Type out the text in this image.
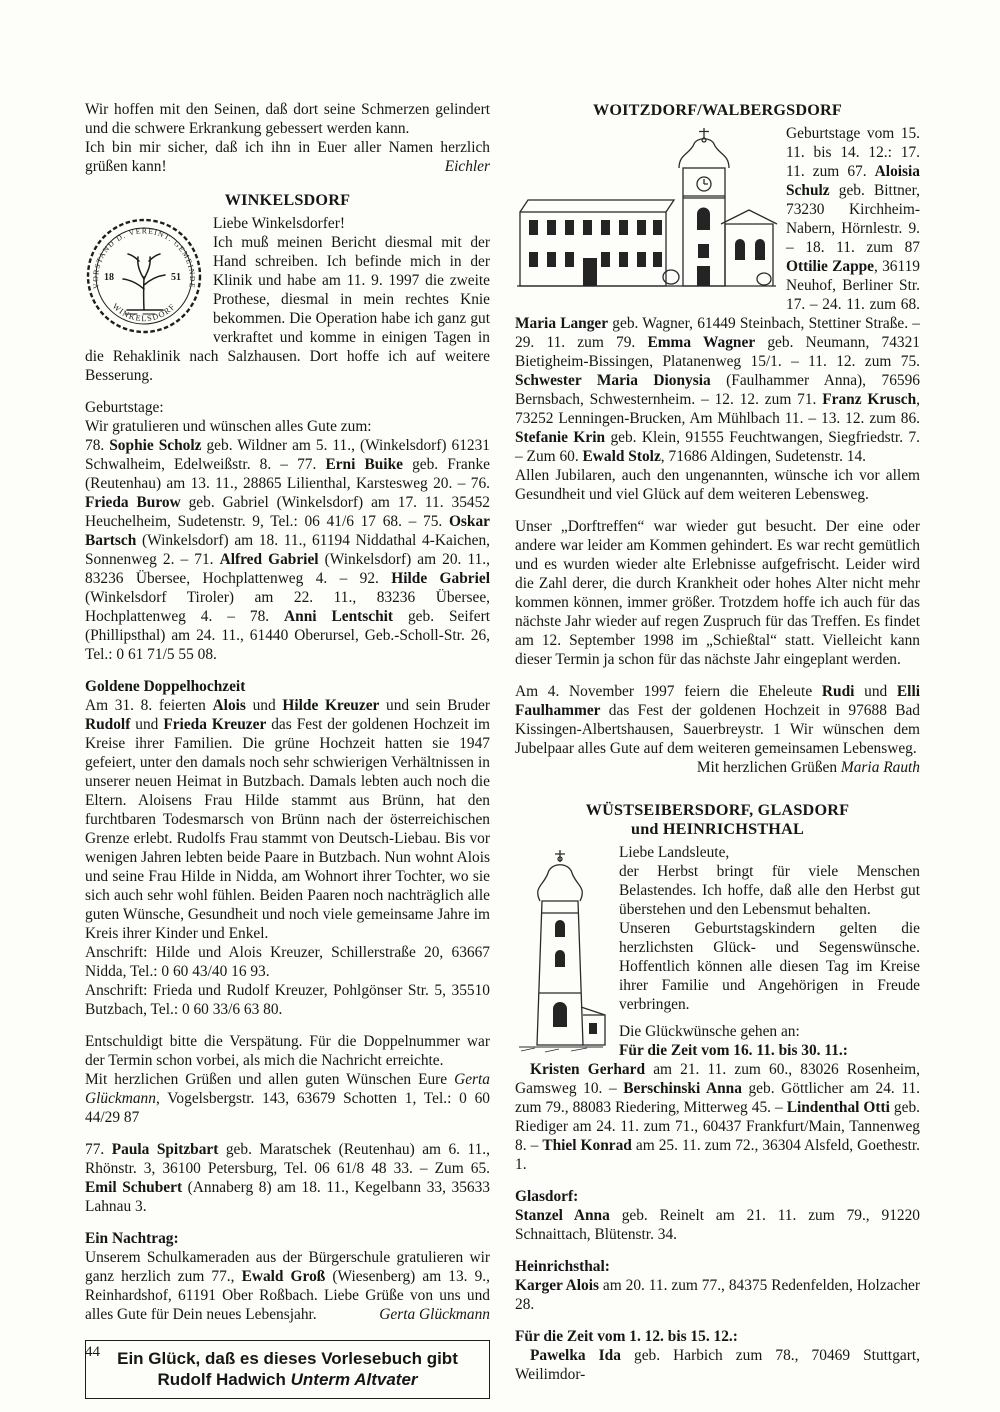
Wir hoffen mit den Seinen, daß dort seine Schmerzen gelindert und die schwere Erkrankung gebessert werden kann.

Ich bin mir sicher, daß ich ihn in Euer aller Namen herzlich grüßen kann!	Eichler

WINKELSDORF
VORSTAND D. VEREINT. GEMEINDE
WINKELSDORF
18	51

Liebe Winkelsdorfer!

Ich muß meinen Bericht diesmal mit der Hand schreiben. Ich befinde mich in der Klinik und habe am 11. 9. 1997 die zweite Prothese, diesmal in mein rechtes Knie bekommen. Die Operation habe ich ganz gut verkraftet und komme in einigen Tagen in die Rehaklinik nach Salzhausen. Dort hoffe ich auf weitere Besserung.

Geburtstage:

Wir gratulieren und wünschen alles Gute zum:

78. Sophie Scholz geb. Wildner am 5. 11., (Winkelsdorf) 61231 Schwalheim, Edelweißstr. 8. – 77. Erni Buike geb. Franke (Reutenhau) am 13. 11., 28865 Lilienthal, Karstesweg 20. – 76. Frieda Burow geb. Gabriel (Winkelsdorf) am 17. 11. 35452 Heuchelheim, Sudetenstr. 9, Tel.: 06 41/6 17 68. – 75. Oskar Bartsch (Winkelsdorf) am 18. 11., 61194 Niddathal 4-Kaichen, Sonnenweg 2. – 71. Alfred Gabriel (Winkelsdorf) am 20. 11., 83236 Übersee, Hochplattenweg 4. – 92. Hilde Gabriel (Winkelsdorf Tiroler) am 22. 11., 83236 Übersee, Hochplattenweg 4. – 78. Anni Lentschit geb. Seifert (Phillipsthal) am 24. 11., 61440 Oberursel, Geb.-Scholl-Str. 26, Tel.: 0 61 71/5 55 08.

Goldene Doppelhochzeit

Am 31. 8. feierten Alois und Hilde Kreuzer und sein Bruder Rudolf und Frieda Kreuzer das Fest der goldenen Hochzeit im Kreise ihrer Familien. Die grüne Hochzeit hatten sie 1947 gefeiert, unter den damals noch sehr schwierigen Verhältnissen in unserer neuen Heimat in Butzbach. Damals lebten auch noch die Eltern. Aloisens Frau Hilde stammt aus Brünn, hat den furchtbaren Todesmarsch von Brünn nach der österreichischen Grenze erlebt. Rudolfs Frau stammt von Deutsch-Liebau. Bis vor wenigen Jahren lebten beide Paare in Butzbach. Nun wohnt Alois und seine Frau Hilde in Nidda, am Wohnort ihrer Tochter, wo sie sich auch sehr wohl fühlen. Beiden Paaren noch nachträglich alle guten Wünsche, Gesundheit und noch viele gemeinsame Jahre im Kreis ihrer Kinder und Enkel.

Anschrift: Hilde und Alois Kreuzer, Schillerstraße 20, 63667 Nidda, Tel.: 0 60 43/40 16 93.

Anschrift: Frieda und Rudolf Kreuzer, Pohlgönser Str. 5, 35510 Butzbach, Tel.: 0 60 33/6 63 80.

Entschuldigt bitte die Verspätung. Für die Doppelnummer war der Termin schon vorbei, als mich die Nachricht erreichte.

Mit herzlichen Grüßen und allen guten Wünschen Eure Gerta Glückmann, Vogelsbergstr. 143, 63679 Schotten 1, Tel.: 0 60 44/29 87

77. Paula Spitzbart geb. Maratschek (Reutenhau) am 6. 11., Rhönstr. 3, 36100 Petersburg, Tel. 06 61/8 48 33. – Zum 65. Emil Schubert (Annaberg 8) am 18. 11., Kegelbann 33, 35633 Lahnau 3.

Ein Nachtrag:

Unserem Schulkameraden aus der Bürgerschule gratulieren wir ganz herzlich zum 77., Ewald Groß (Wiesenberg) am 13. 9., Reinhardshof, 61191 Ober Roßbach. Liebe Grüße von uns und alles Gute für Dein neues Lebensjahr.	Gerta Glückmann

Ein Glück, daß es dieses Vorlesebuch gibt
Rudolf Hadwich Unterm Altvater
WOITZDORF/WALBERGSDORF

Geburtstage vom 15. 11. bis 14. 12.: 17. 11. zum 67. Aloisia Schulz geb. Bittner, 73230 Kirchheim-Nabern, Hörnlestr. 9. – 18. 11. zum 87 Ottilie Zappe, 36119 Neuhof, Berliner Str. 17. – 24. 11. zum 68. Maria Langer geb. Wagner, 61449 Steinbach, Stettiner Straße. – 29. 11. zum 79. Emma Wagner geb. Neumann, 74321 Bietigheim-Bissingen, Platanenweg 15/1. – 11. 12. zum 75. Schwester Maria Dionysia (Faulhammer Anna), 76596 Bernsbach, Schwesternheim. – 12. 12. zum 71. Franz Krusch, 73252 Lenningen-Brucken, Am Mühlbach 11. – 13. 12. zum 86. Stefanie Krin geb. Klein, 91555 Feuchtwangen, Siegfriedstr. 7. – Zum 60. Ewald Stolz, 71686 Aldingen, Sudetenstr. 14.

Allen Jubilaren, auch den ungenannten, wünsche ich vor allem Gesundheit und viel Glück auf dem weiteren Lebensweg.

Unser „Dorftreffen“ war wieder gut besucht. Der eine oder andere war leider am Kommen gehindert. Es war recht gemütlich und es wurden wieder alte Erlebnisse aufgefrischt. Leider wird die Zahl derer, die durch Krankheit oder hohes Alter nicht mehr kommen können, immer größer. Trotzdem hoffe ich auch für das nächste Jahr wieder auf regen Zuspruch für das Treffen. Es findet am 12. September 1998 im „Schießtal“ statt. Vielleicht kann dieser Termin ja schon für das nächste Jahr eingeplant werden.

Am 4. November 1997 feiern die Eheleute Rudi und Elli Faulhammer das Fest der goldenen Hochzeit in 97688 Bad Kissingen-Albertshausen, Sauerbreystr. 1 Wir wünschen dem Jubelpaar alles Gute auf dem weiteren gemeinsamen Lebensweg.

Mit herzlichen Grüßen Maria Rauth

WÜSTSEIBERSDORF, GLASDORF
und HEINRICHSTHAL

Liebe Landsleute,

der Herbst bringt für viele Menschen Belastendes. Ich hoffe, daß alle den Herbst gut überstehen und den Lebensmut behalten.

Unseren Geburtstagskindern gelten die herzlichsten Glück- und Segenswünsche. Hoffentlich können alle diesen Tag im Kreise ihrer Familie und Angehörigen in Freude verbringen.

Die Glückwünsche gehen an:

Für die Zeit vom 16. 11. bis 30. 11.:

Kristen Gerhard am 21. 11. zum 60., 83026 Rosenheim, Gamsweg 10. – Berschinski Anna geb. Göttlicher am 24. 11. zum 79., 88083 Riedering, Mitterweg 45. – Lindenthal Otti geb. Riediger am 24. 11. zum 71., 60437 Frankfurt/Main, Tannenweg 8. – Thiel Konrad am 25. 11. zum 72., 36304 Alsfeld, Goethestr. 1.

Glasdorf:

Stanzel Anna geb. Reinelt am 21. 11. zum 79., 91220 Schnaittach, Blütenstr. 34.

Heinrichsthal:

Karger Alois am 20. 11. zum 77., 84375 Redenfelden, Holzacher 28.

Für die Zeit vom 1. 12. bis 15. 12.:

Pawelka Ida geb. Harbich zum 78., 70469 Stuttgart, Weilimdor-

44
